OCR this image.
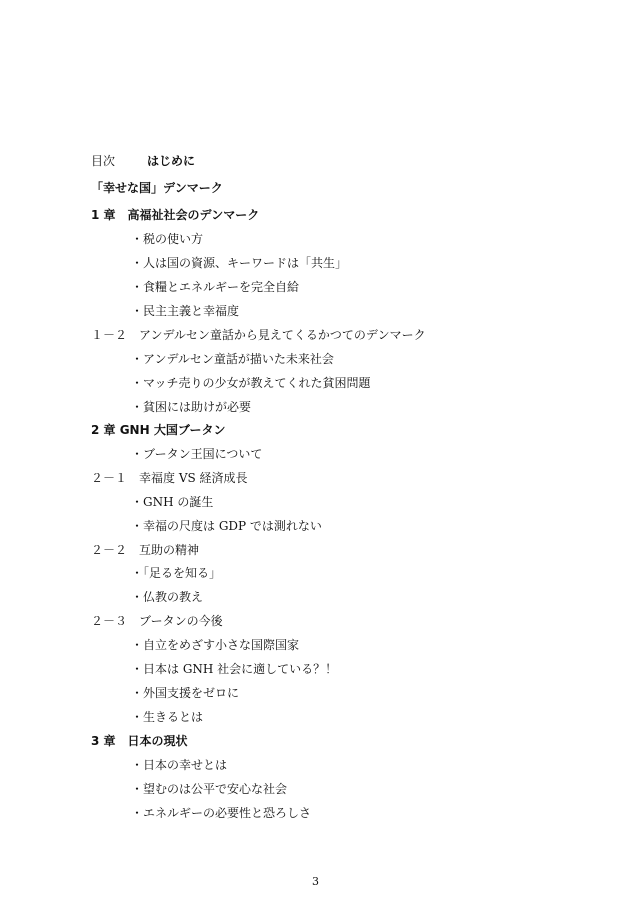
目次	はじめに
「幸せな国」デンマーク
1 章　高福祉社会のデンマーク
・税の使い方
・人は国の資源、キーワードは「共生」
・食糧とエネルギーを完全自給
・民主主義と幸福度
１－２　アンデルセン童話から見えてくるかつてのデンマーク
・アンデルセン童話が描いた未来社会
・マッチ売りの少女が教えてくれた貧困問題
・貧困には助けが必要
2 章 GNH 大国ブータン
・ブータン王国について
２－１　幸福度 VS 経済成長
・GNH の誕生
・幸福の尺度は GDP では測れない
２－２　互助の精神
・「足るを知る」
・仏教の教え
２－３　ブータンの今後
・自立をめざす小さな国際国家
・日本は GNH 社会に適している？！
・外国支援をゼロに
・生きるとは
3 章　日本の現状
・日本の幸せとは
・望むのは公平で安心な社会
・エネルギーの必要性と恐ろしさ
3
